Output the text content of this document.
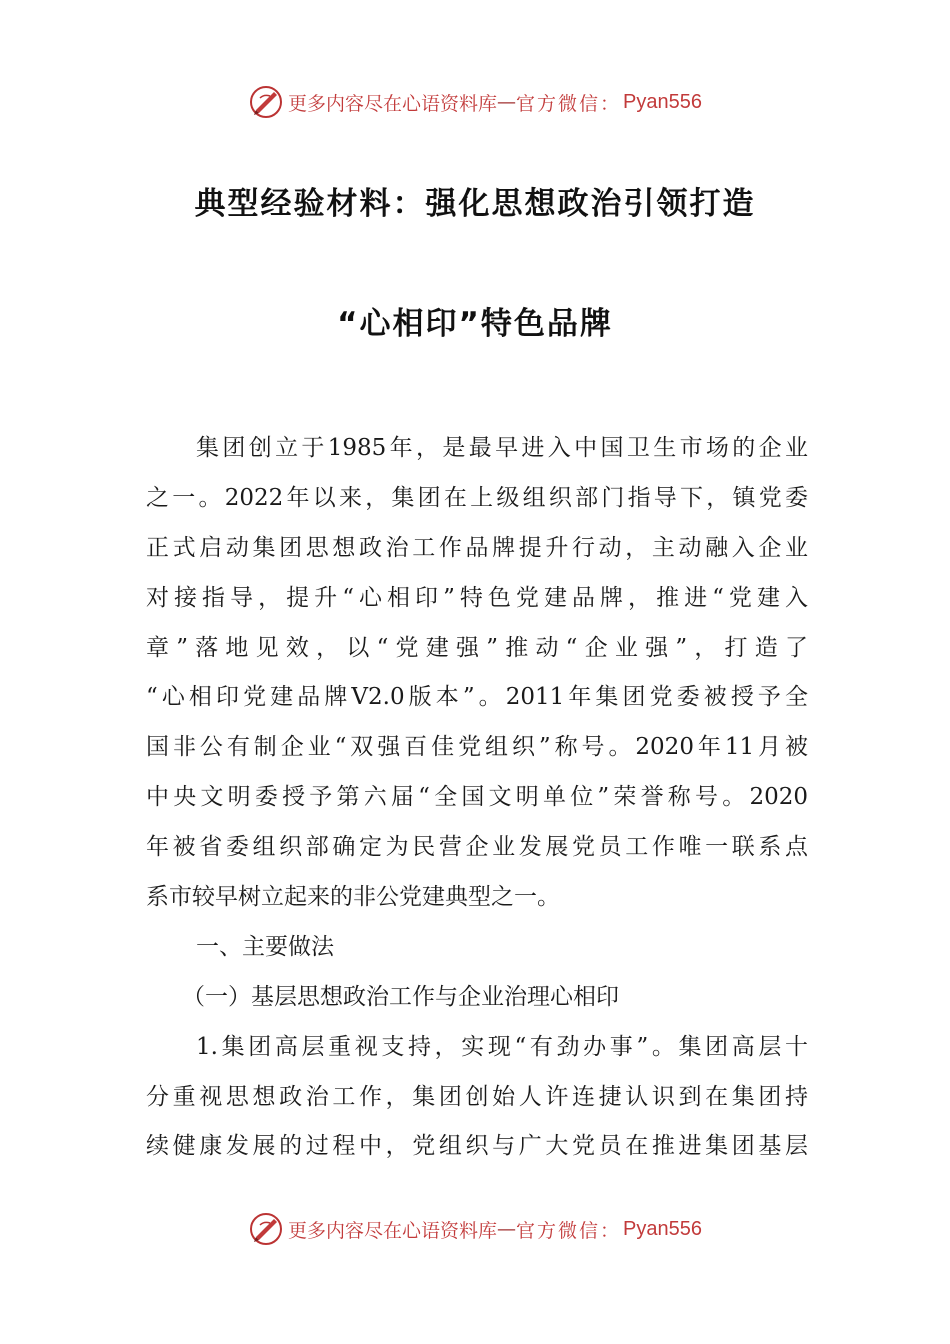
更多内容尽在心语资料库 — 官方微信： Pyan556
典型经验材料：强化思想政治引领打造
“心相印”特色品牌
集团创立于1985年，是最早进入中国卫生市场的企业
之一。2022年以来，集团在上级组织部门指导下，镇党委
正式启动集团思想政治工作品牌提升行动，主动融入企业
对接指导，提升“心相印”特色党建品牌，推进“党建入
章”落地见效，以“党建强”推动“企业强”，打造了
“心相印党建品牌V2.0版本”。2011年集团党委被授予全
国非公有制企业“双强百佳党组织”称号。2020年11月被
中央文明委授予第六届“全国文明单位”荣誉称号。2020
年被省委组织部确定为民营企业发展党员工作唯一联系点
系市较早树立起来的非公党建典型之一。
一、主要做法
（一）基层思想政治工作与企业治理心相印
1.集团高层重视支持，实现“有劲办事”。集团高层十
分重视思想政治工作，集团创始人许连捷认识到在集团持
续健康发展的过程中，党组织与广大党员在推进集团基层
更多内容尽在心语资料库 — 官方微信： Pyan556
